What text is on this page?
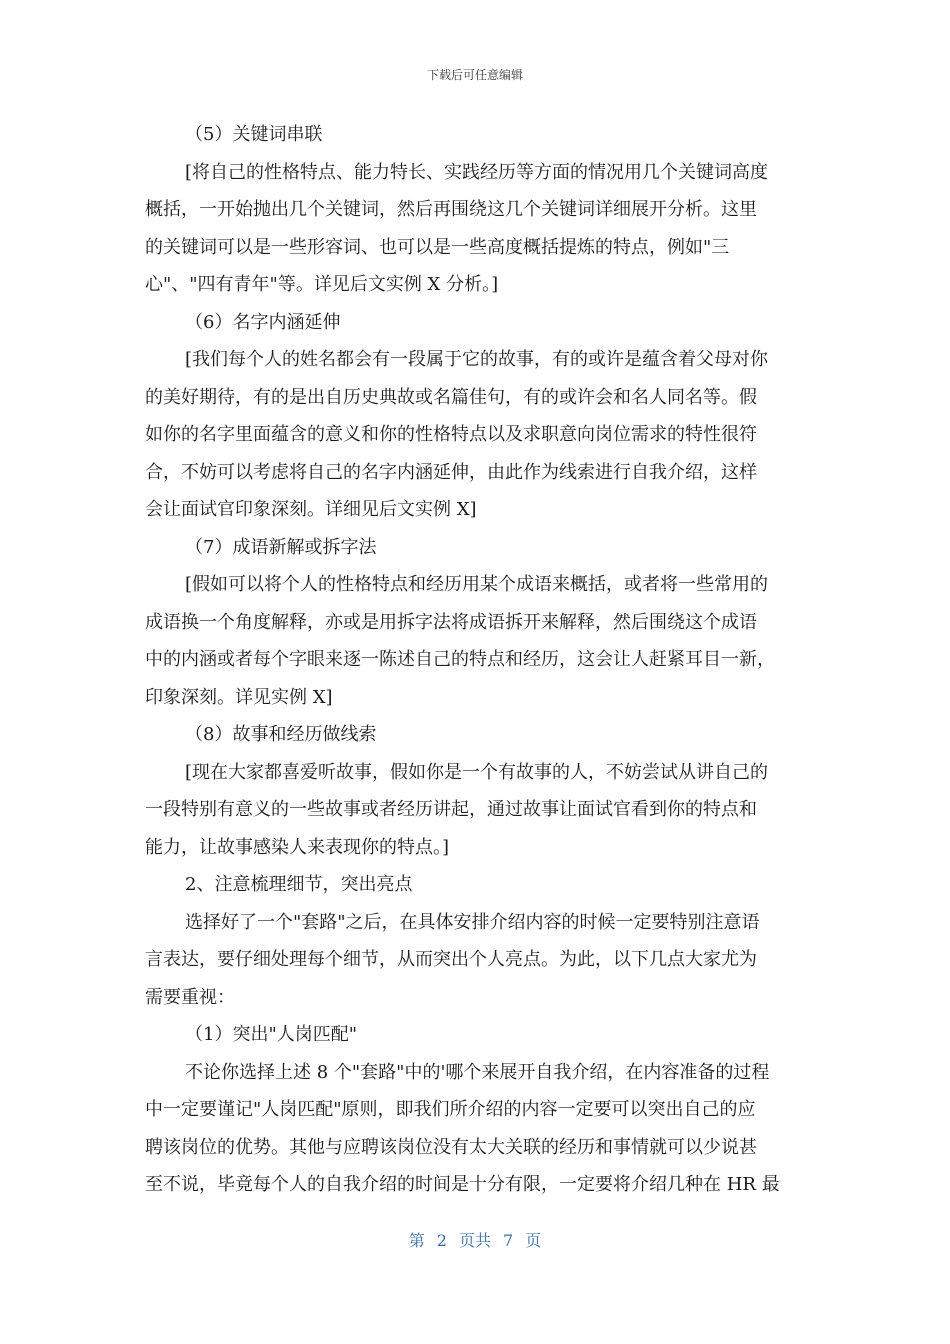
下载后可任意编辑
（5）关键词串联
[将自己的性格特点、能力特长、实践经历等方面的情况用几个关键词高度
概括，一开始抛出几个关键词，然后再围绕这几个关键词详细展开分析。这里
的关键词可以是一些形容词、也可以是一些高度概括提炼的特点，例如"三
心"、"四有青年"等。详见后文实例 X 分析。]
（6）名字内涵延伸
[我们每个人的姓名都会有一段属于它的故事，有的或许是蕴含着父母对你
的美好期待，有的是出自历史典故或名篇佳句，有的或许会和名人同名等。假
如你的名字里面蕴含的意义和你的性格特点以及求职意向岗位需求的特性很符
合，不妨可以考虑将自己的名字内涵延伸，由此作为线索进行自我介绍，这样
会让面试官印象深刻。详细见后文实例 X]
（7）成语新解或拆字法
[假如可以将个人的性格特点和经历用某个成语来概括，或者将一些常用的
成语换一个角度解释，亦或是用拆字法将成语拆开来解释，然后围绕这个成语
中的内涵或者每个字眼来逐一陈述自己的特点和经历，这会让人赶紧耳目一新，
印象深刻。详见实例 X]
（8）故事和经历做线索
[现在大家都喜爱听故事，假如你是一个有故事的人，不妨尝试从讲自己的
一段特别有意义的一些故事或者经历讲起，通过故事让面试官看到你的特点和
能力，让故事感染人来表现你的特点。]
2、注意梳理细节，突出亮点
选择好了一个"套路"之后，在具体安排介绍内容的时候一定要特别注意语
言表达，要仔细处理每个细节，从而突出个人亮点。为此，以下几点大家尤为
需要重视：
（1）突出"人岗匹配"
不论你选择上述 8 个"套路"中的'哪个来展开自我介绍，在内容准备的过程
中一定要谨记"人岗匹配"原则，即我们所介绍的内容一定要可以突出自己的应
聘该岗位的优势。其他与应聘该岗位没有太大关联的经历和事情就可以少说甚
至不说，毕竟每个人的自我介绍的时间是十分有限，一定要将介绍几种在 HR 最
第 2 页共 7 页
